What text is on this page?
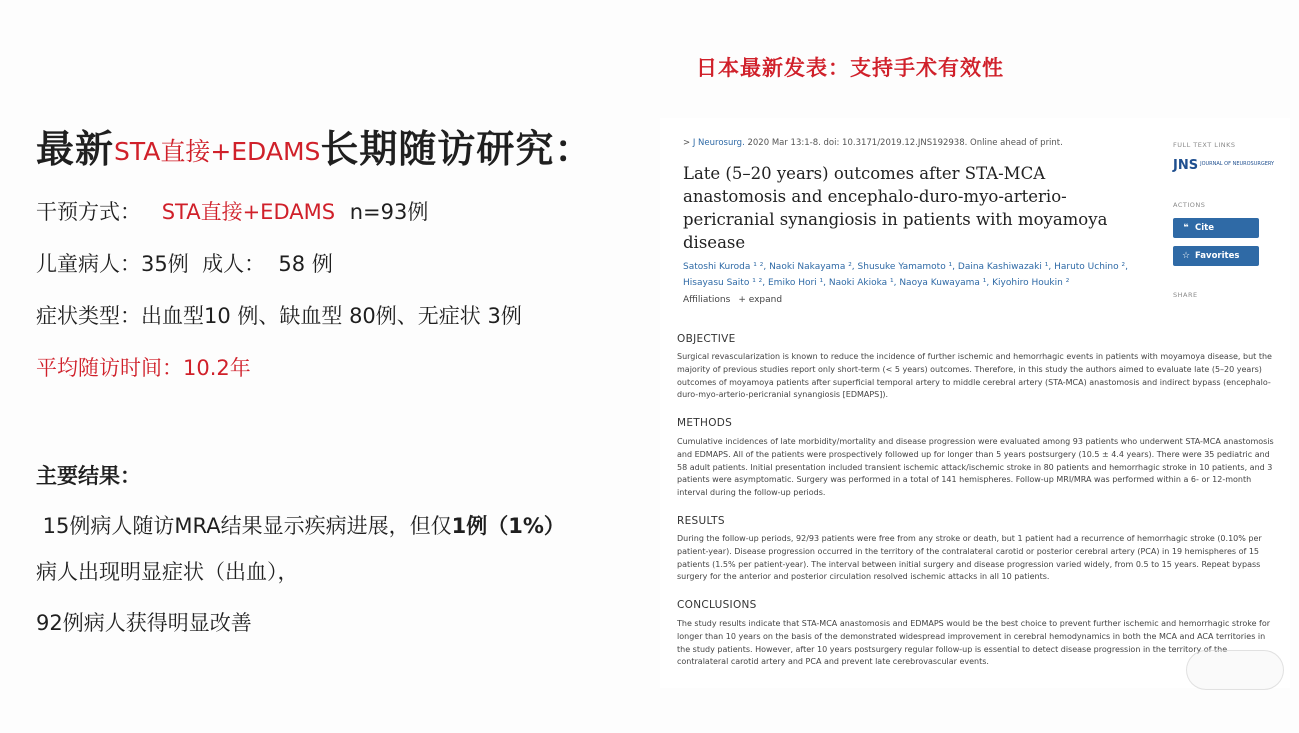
最新STA直接+EDAMS长期随访研究：
日本最新发表：支持手术有效性
干预方式： STA直接+EDAMS n=93例
儿童病人：35例  成人：  58 例
症状类型：出血型10 例、缺血型 80例、无症状 3例
平均随访时间：10.2年
主要结果：
15例病人随访MRA结果显示疾病进展，但仅1例（1%）
病人出现明显症状（出血），
92例病人获得明显改善
> J Neurosurg. 2020 Mar 13:1-8. doi: 10.3171/2019.12.JNS192938. Online ahead of print.
Late (5–20 years) outcomes after STA-MCA anastomosis and encephalo-duro-myo-arterio-pericranial synangiosis in patients with moyamoya disease
Satoshi Kuroda ¹ ², Naoki Nakayama ², Shusuke Yamamoto ¹, Daina Kashiwazaki ¹, Haruto Uchino ², Hisayasu Saito ¹ ², Emiko Hori ¹, Naoki Akioka ¹, Naoya Kuwayama ¹, Kiyohiro Houkin ²
Affiliations + expand
FULL TEXT LINKS
JNS $^{JOURNAL OF NEUROSURGERY}$
ACTIONS
❝ Cite
☆ Favorites
SHARE
OBJECTIVE
Surgical revascularization is known to reduce the incidence of further ischemic and hemorrhagic events in patients with moyamoya disease, but the majority of previous studies report only short-term (< 5 years) outcomes. Therefore, in this study the authors aimed to evaluate late (5–20 years) outcomes of moyamoya patients after superficial temporal artery to middle cerebral artery (STA-MCA) anastomosis and indirect bypass (encephalo-duro-myo-arterio-pericranial synangiosis [EDMAPS]).
METHODS
Cumulative incidences of late morbidity/mortality and disease progression were evaluated among 93 patients who underwent STA-MCA anastomosis and EDMAPS. All of the patients were prospectively followed up for longer than 5 years postsurgery (10.5 ± 4.4 years). There were 35 pediatric and 58 adult patients. Initial presentation included transient ischemic attack/ischemic stroke in 80 patients and hemorrhagic stroke in 10 patients, and 3 patients were asymptomatic. Surgery was performed in a total of 141 hemispheres. Follow-up MRI/MRA was performed within a 6- or 12-month interval during the follow-up periods.
RESULTS
During the follow-up periods, 92/93 patients were free from any stroke or death, but 1 patient had a recurrence of hemorrhagic stroke (0.10% per patient-year). Disease progression occurred in the territory of the contralateral carotid or posterior cerebral artery (PCA) in 19 hemispheres of 15 patients (1.5% per patient-year). The interval between initial surgery and disease progression varied widely, from 0.5 to 15 years. Repeat bypass surgery for the anterior and posterior circulation resolved ischemic attacks in all 10 patients.
CONCLUSIONS
The study results indicate that STA-MCA anastomosis and EDMAPS would be the best choice to prevent further ischemic and hemorrhagic stroke for longer than 10 years on the basis of the demonstrated widespread improvement in cerebral hemodynamics in both the MCA and ACA territories in the study patients. However, after 10 years postsurgery regular follow-up is essential to detect disease progression in the territory of the contralateral carotid artery and PCA and prevent late cerebrovascular events.
